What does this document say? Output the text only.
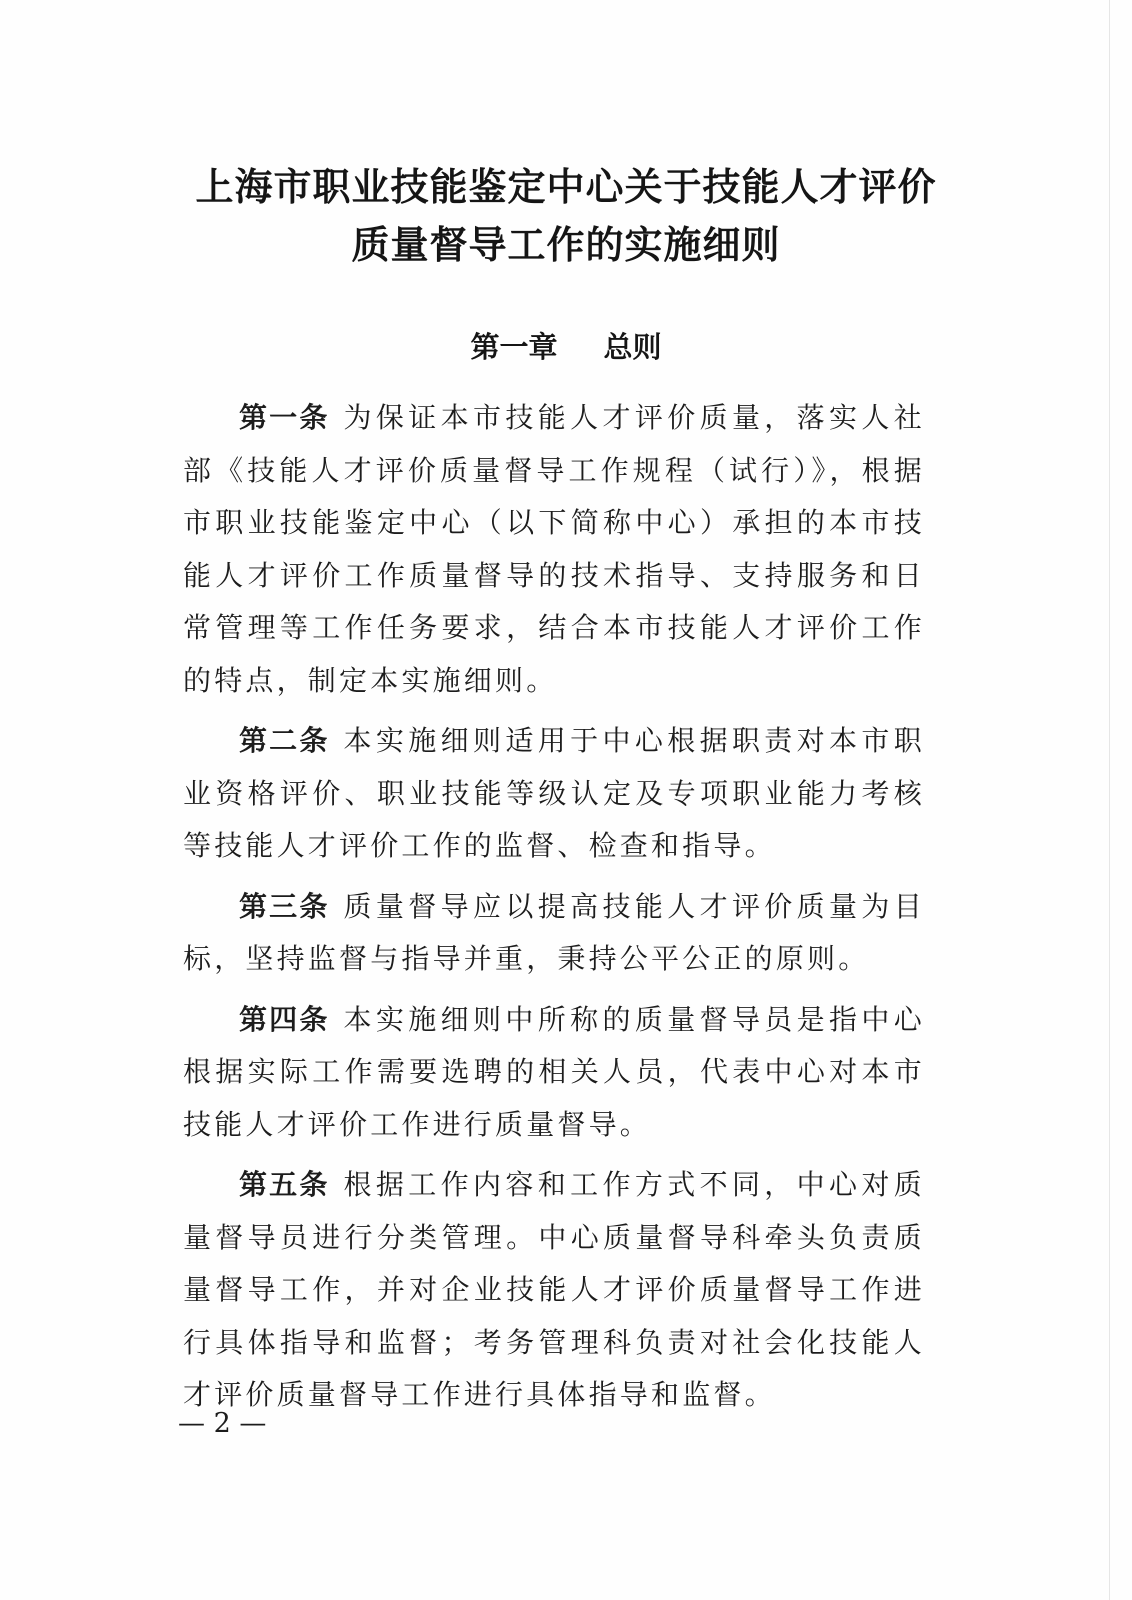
上海市职业技能鉴定中心关于技能人才评价
质量督导工作的实施细则
第一章 总则

第一条 为保证本市技能人才评价质量，落实人社部《技能人才评价质量督导工作规程（试行）》，根据市职业技能鉴定中心（以下简称中心）承担的本市技能人才评价工作质量督导的技术指导、支持服务和日常管理等工作任务要求，结合本市技能人才评价工作的特点，制定本实施细则。

第二条 本实施细则适用于中心根据职责对本市职业资格评价、职业技能等级认定及专项职业能力考核等技能人才评价工作的监督、检查和指导。

第三条 质量督导应以提高技能人才评价质量为目标，坚持监督与指导并重，秉持公平公正的原则。

第四条 本实施细则中所称的质量督导员是指中心根据实际工作需要选聘的相关人员，代表中心对本市技能人才评价工作进行质量督导。

第五条 根据工作内容和工作方式不同，中心对质量督导员进行分类管理。中心质量督导科牵头负责质量督导工作，并对企业技能人才评价质量督导工作进行具体指导和监督；考务管理科负责对社会化技能人才评价质量督导工作进行具体指导和监督。

— 2 —
